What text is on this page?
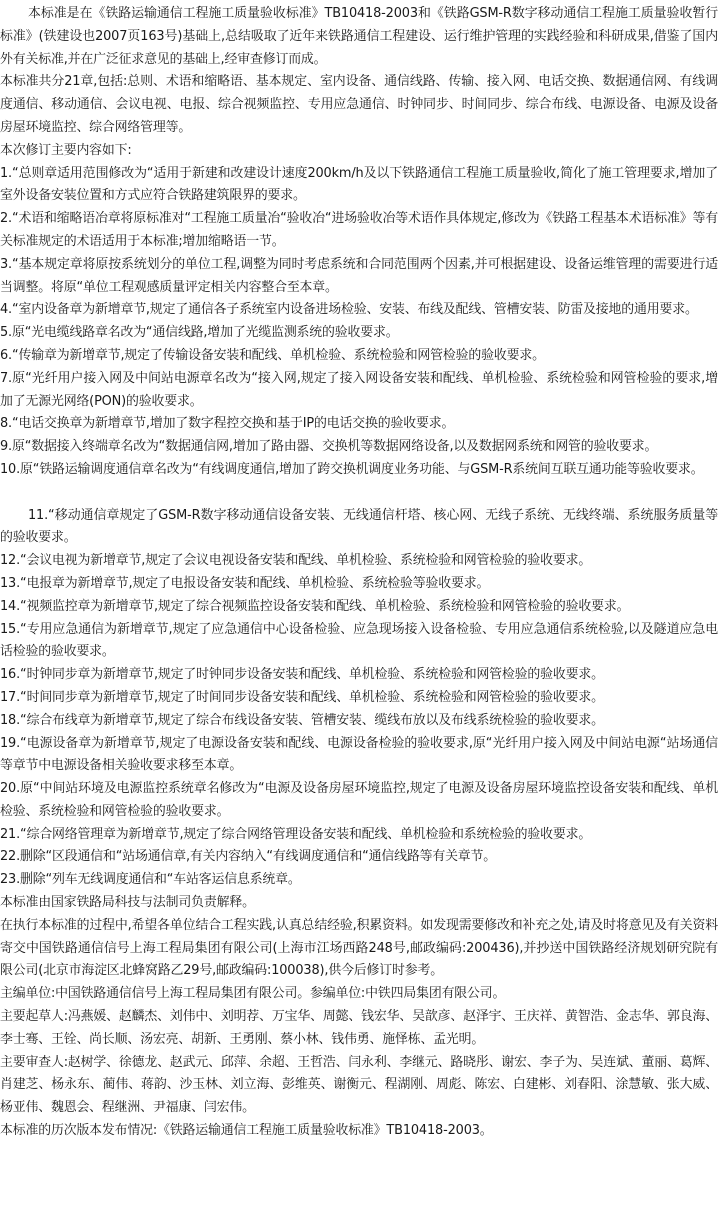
本标准是在《铁路运输通信工程施工质量验收标准》TB10418-2003和《铁路GSM-R数字移动通信工程施工质量验收暂行标准》(铁建设也2007页163号)基础上,总结吸取了近年来铁路通信工程建设、运行维护管理的实践经验和科研成果,借鉴了国内外有关标准,并在广泛征求意见的基础上,经审查修订而成。

本标准共分21章,包括:总则、术语和缩略语、基本规定、室内设备、通信线路、传输、接入网、电话交换、数据通信网、有线调度通信、移动通信、会议电视、电报、综合视频监控、专用应急通信、时钟同步、时间同步、综合布线、电源设备、电源及设备房屋环境监控、综合网络管理等。

本次修订主要内容如下:

1.“总则章适用范围修改为“适用于新建和改建设计速度200km/h及以下铁路通信工程施工质量验收,简化了施工管理要求,增加了室外设备安装位置和方式应符合铁路建筑限界的要求。

2.“术语和缩略语冶章将原标准对“工程施工质量冶“验收冶“进场验收冶等术语作具体规定,修改为《铁路工程基本术语标准》等有关标准规定的术语适用于本标准;增加缩略语一节。

3.“基本规定章将原按系统划分的单位工程,调整为同时考虑系统和合同范围两个因素,并可根据建设、设备运维管理的需要进行适当调整。将原“单位工程观感质量评定相关内容整合至本章。

4.“室内设备章为新增章节,规定了通信各子系统室内设备进场检验、安装、布线及配线、管槽安装、防雷及接地的通用要求。

5.原“光电缆线路章名改为“通信线路,增加了光缆监测系统的验收要求。

6.“传输章为新增章节,规定了传输设备安装和配线、单机检验、系统检验和网管检验的验收要求。

7.原“光纤用户接入网及中间站电源章名改为“接入网,规定了接入网设备安装和配线、单机检验、系统检验和网管检验的要求,增加了无源光网络(PON)的验收要求。

8.“电话交换章为新增章节,增加了数字程控交换和基于IP的电话交换的验收要求。

9.原“数据接入终端章名改为“数据通信网,增加了路由器、交换机等数据网络设备,以及数据网系统和网管的验收要求。

10.原“铁路运输调度通信章名改为“有线调度通信,增加了跨交换机调度业务功能、与GSM-R系统间互联互通功能等验收要求。

11.“移动通信章规定了GSM-R数字移动通信设备安装、无线通信杆塔、核心网、无线子系统、无线终端、系统服务质量等的验收要求。

12.“会议电视为新增章节,规定了会议电视设备安装和配线、单机检验、系统检验和网管检验的验收要求。

13.“电报章为新增章节,规定了电报设备安装和配线、单机检验、系统检验等验收要求。

14.“视频监控章为新增章节,规定了综合视频监控设备安装和配线、单机检验、系统检验和网管检验的验收要求。

15.“专用应急通信为新增章节,规定了应急通信中心设备检验、应急现场接入设备检验、专用应急通信系统检验,以及隧道应急电话检验的验收要求。

16.“时钟同步章为新增章节,规定了时钟同步设备安装和配线、单机检验、系统检验和网管检验的验收要求。

17.“时间同步章为新增章节,规定了时间同步设备安装和配线、单机检验、系统检验和网管检验的验收要求。

18.“综合布线章为新增章节,规定了综合布线设备安装、管槽安装、缆线布放以及布线系统检验的验收要求。

19.“电源设备章为新增章节,规定了电源设备安装和配线、电源设备检验的验收要求,原“光纤用户接入网及中间站电源“站场通信等章节中电源设备相关验收要求移至本章。

20.原“中间站环境及电源监控系统章名修改为“电源及设备房屋环境监控,规定了电源及设备房屋环境监控设备安装和配线、单机检验、系统检验和网管检验的验收要求。

21.“综合网络管理章为新增章节,规定了综合网络管理设备安装和配线、单机检验和系统检验的验收要求。

22.删除“区段通信和“站场通信章,有关内容纳入“有线调度通信和“通信线路等有关章节。

23.删除“列车无线调度通信和“车站客运信息系统章。

本标准由国家铁路局科技与法制司负责解释。

在执行本标准的过程中,希望各单位结合工程实践,认真总结经验,积累资料。如发现需要修改和补充之处,请及时将意见及有关资料寄交中国铁路通信信号上海工程局集团有限公司(上海市江场西路248号,邮政编码:200436),并抄送中国铁路经济规划研究院有限公司(北京市海淀区北蜂窝路乙29号,邮政编码:100038),供今后修订时参考。

主编单位:中国铁路通信信号上海工程局集团有限公司。参编单位:中铁四局集团有限公司。

主要起草人:冯燕媛、赵麟杰、刘伟中、刘明荐、万宝华、周懿、钱宏华、吴歆彦、赵泽宇、王庆祥、黄智浩、金志华、郭良海、李士骞、王铨、尚长顺、汤宏亮、胡新、王勇刚、蔡小林、钱伟勇、施怿栋、孟光明。

主要审查人:赵树学、徐德龙、赵武元、邱萍、余超、王哲浩、闫永利、李继元、路晓彤、谢宏、李子为、吴连斌、董丽、葛辉、肖建芝、杨永东、蔺伟、蒋韵、沙玉林、刘立海、彭维英、谢衡元、程湖刚、周彪、陈宏、白建彬、刘春阳、涂慧敏、张大威、杨亚伟、魏恩会、程继洲、尹福康、闫宏伟。

本标准的历次版本发布情况:《铁路运输通信工程施工质量验收标准》TB10418-2003。
